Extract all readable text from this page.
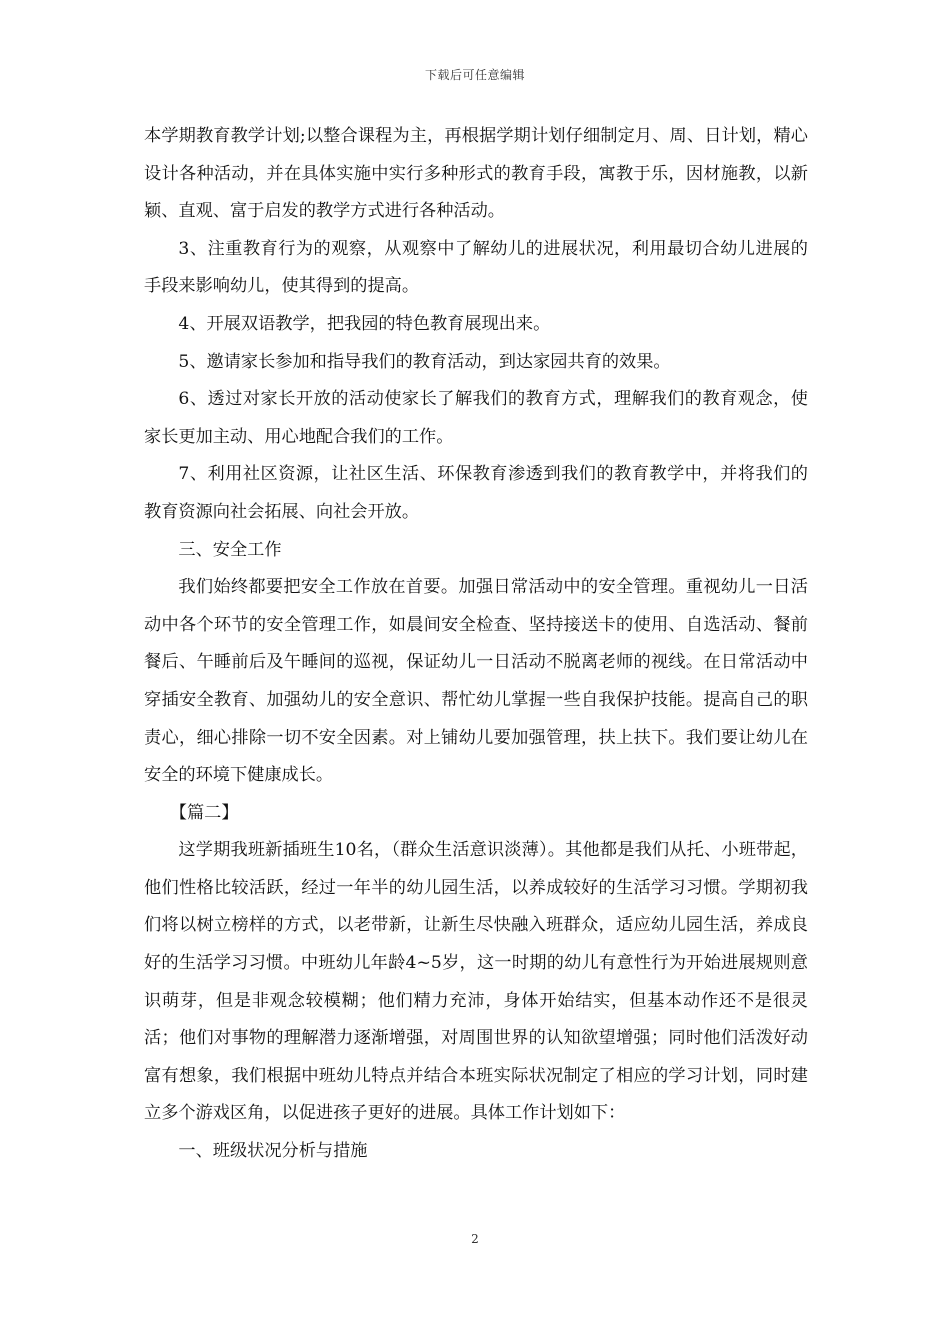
下载后可任意编辑

本学期教育教学计划;以整合课程为主，再根据学期计划仔细制定月、周、日计划，精心设计各种活动，并在具体实施中实行多种形式的教育手段，寓教于乐，因材施教，以新颖、直观、富于启发的教学方式进行各种活动。

3、注重教育行为的观察，从观察中了解幼儿的进展状况，利用最切合幼儿进展的手段来影响幼儿，使其得到的提高。

4、开展双语教学，把我园的特色教育展现出来。

5、邀请家长参加和指导我们的教育活动，到达家园共育的效果。

6、透过对家长开放的活动使家长了解我们的教育方式，理解我们的教育观念，使家长更加主动、用心地配合我们的工作。

7、利用社区资源，让社区生活、环保教育渗透到我们的教育教学中，并将我们的教育资源向社会拓展、向社会开放。

三、安全工作

我们始终都要把安全工作放在首要。加强日常活动中的安全管理。重视幼儿一日活动中各个环节的安全管理工作，如晨间安全检查、坚持接送卡的使用、自选活动、餐前餐后、午睡前后及午睡间的巡视，保证幼儿一日活动不脱离老师的视线。在日常活动中穿插安全教育、加强幼儿的安全意识、帮忙幼儿掌握一些自我保护技能。提高自己的职责心，细心排除一切不安全因素。对上铺幼儿要加强管理，扶上扶下。我们要让幼儿在安全的环境下健康成长。

【篇二】

这学期我班新插班生10名，（群众生活意识淡薄）。其他都是我们从托、小班带起，他们性格比较活跃，经过一年半的幼儿园生活，以养成较好的生活学习习惯。学期初我们将以树立榜样的方式，以老带新，让新生尽快融入班群众，适应幼儿园生活，养成良好的生活学习习惯。中班幼儿年龄4~5岁，这一时期的幼儿有意性行为开始进展规则意识萌芽，但是非观念较模糊；他们精力充沛，身体开始结实，但基本动作还不是很灵活；他们对事物的理解潜力逐渐增强，对周围世界的认知欲望增强；同时他们活泼好动富有想象，我们根据中班幼儿特点并结合本班实际状况制定了相应的学习计划，同时建立多个游戏区角，以促进孩子更好的进展。具体工作计划如下：

一、班级状况分析与措施

2
